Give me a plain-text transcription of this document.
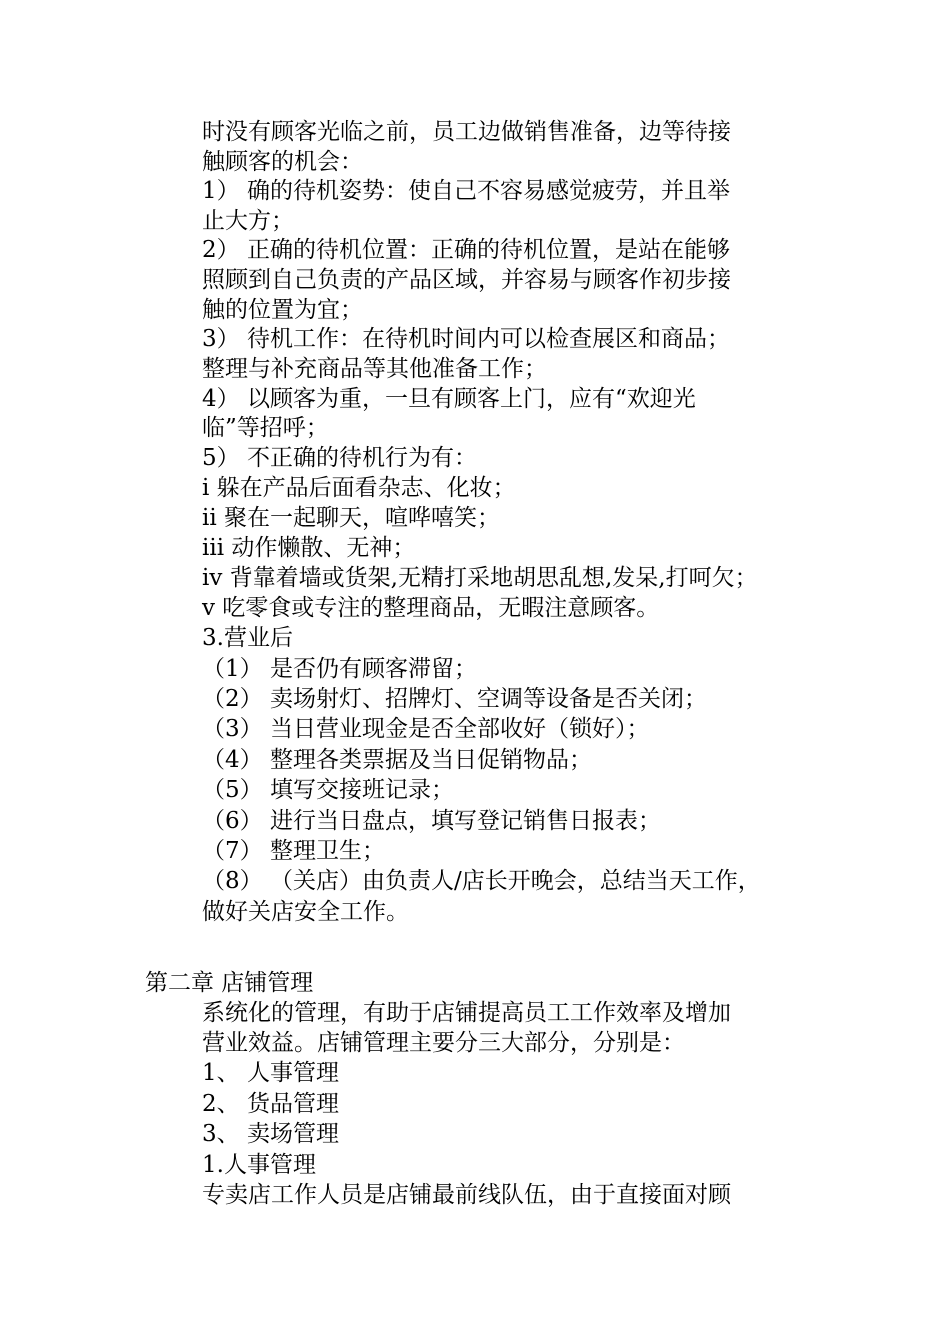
时没有顾客光临之前，员工边做销售准备，边等待接
触顾客的机会：
1） 确的待机姿势：使自己不容易感觉疲劳，并且举
止大方；
2） 正确的待机位置：正确的待机位置，是站在能够
照顾到自己负责的产品区域，并容易与顾客作初步接
触的位置为宜；
3） 待机工作：在待机时间内可以检查展区和商品；
整理与补充商品等其他准备工作；
4） 以顾客为重，一旦有顾客上门，应有“欢迎光
临”等招呼；
5） 不正确的待机行为有：
i 躲在产品后面看杂志、化妆；
ii 聚在一起聊天，喧哗嘻笑；
iii 动作懒散、无神；
iv 背靠着墙或货架,无精打采地胡思乱想,发呆,打呵欠；
v 吃零食或专注的整理商品，无暇注意顾客。
3.营业后
（1） 是否仍有顾客滞留；
（2） 卖场射灯、招牌灯、空调等设备是否关闭；
（3） 当日营业现金是否全部收好（锁好）；
（4） 整理各类票据及当日促销物品；
（5） 填写交接班记录；
（6） 进行当日盘点，填写登记销售日报表；
（7） 整理卫生；
（8） （关店）由负责人/店长开晚会，总结当天工作，
做好关店安全工作。
第二章 店铺管理
系统化的管理，有助于店铺提高员工工作效率及增加
营业效益。店铺管理主要分三大部分，分别是：
1、 人事管理
2、 货品管理
3、 卖场管理
1.人事管理
专卖店工作人员是店铺最前线队伍，由于直接面对顾
